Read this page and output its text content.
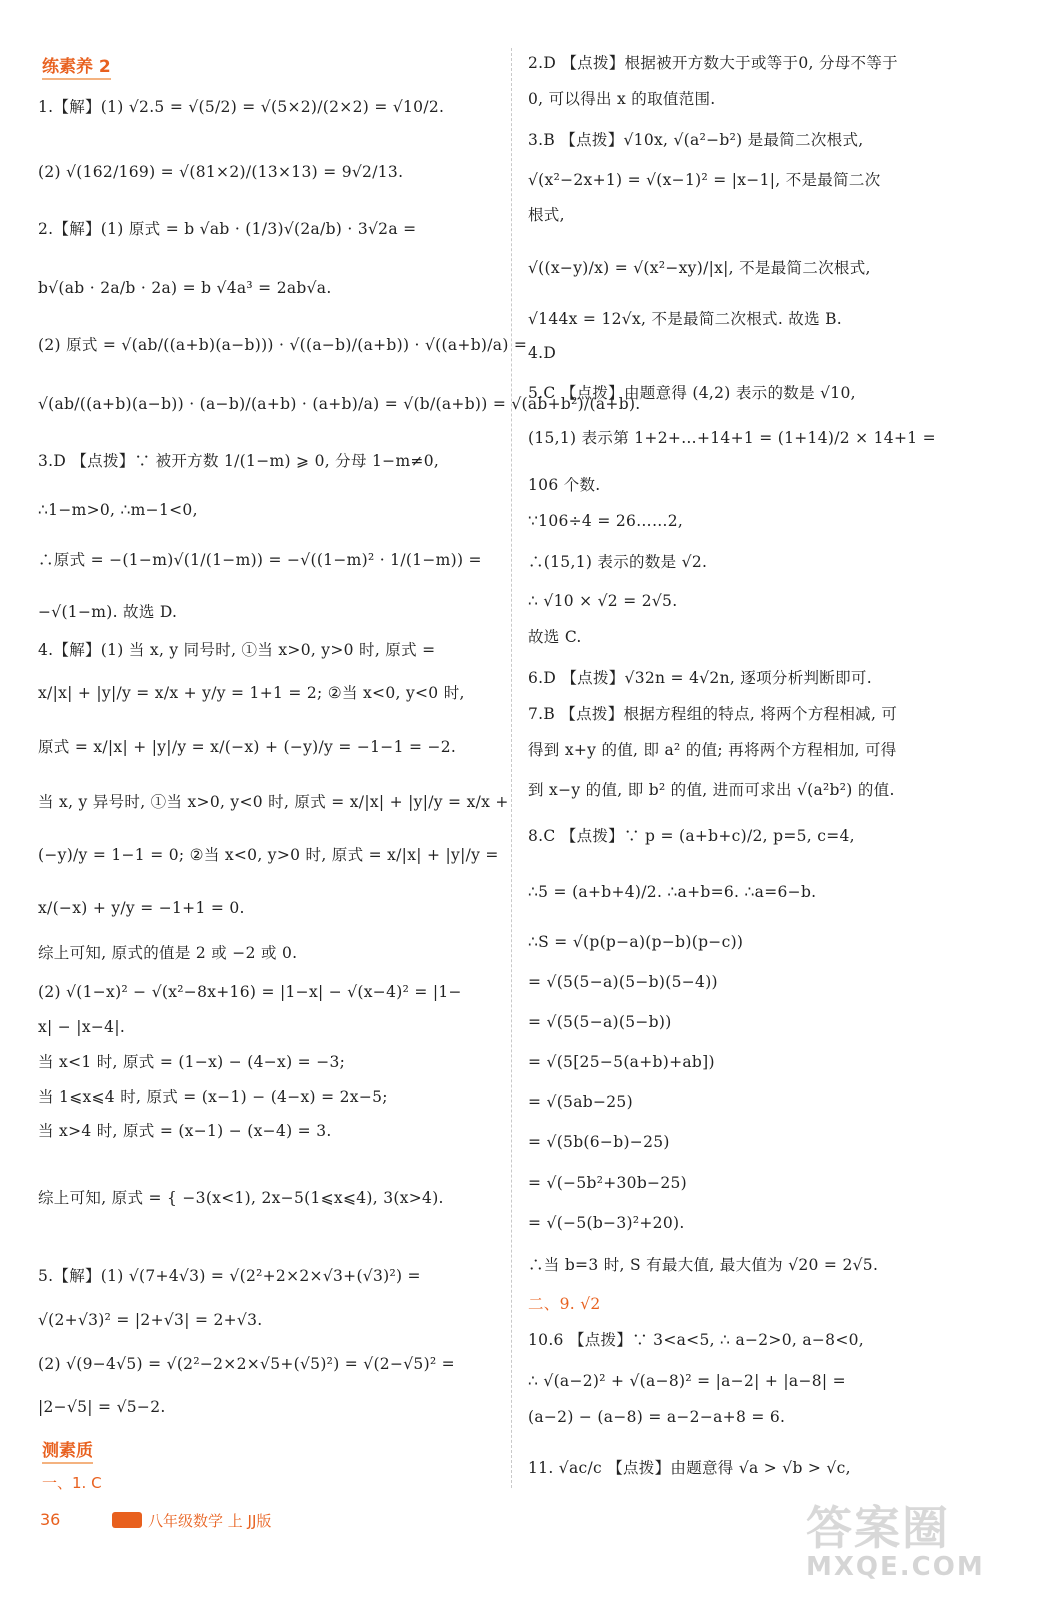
练素养 2
1.【解】(1) √2.5 = √(5/2) = √(5×2)/(2×2) = √10/2.
(2) √(162/169) = √(81×2)/(13×13) = 9√2/13.
2.【解】(1) 原式 = b √ab · (1/3)√(2a/b) · 3√2a =
b√(ab · 2a/b · 2a) = b √4a³ = 2ab√a.
(2) 原式 = √(ab/((a+b)(a−b))) · √((a−b)/(a+b)) · √((a+b)/a) =
√(ab/((a+b)(a−b)) · (a−b)/(a+b) · (a+b)/a) = √(b/(a+b)) = √(ab+b²)/(a+b).
3.D 【点拨】∵ 被开方数 1/(1−m) ⩾ 0, 分母 1−m≠0,
∴1−m>0, ∴m−1<0,
∴原式 = −(1−m)√(1/(1−m)) = −√((1−m)² · 1/(1−m)) =
−√(1−m). 故选 D.
4.【解】(1) 当 x, y 同号时, ①当 x>0, y>0 时, 原式 =
x/|x| + |y|/y = x/x + y/y = 1+1 = 2; ②当 x<0, y<0 时,
原式 = x/|x| + |y|/y = x/(−x) + (−y)/y = −1−1 = −2.
当 x, y 异号时, ①当 x>0, y<0 时, 原式 = x/|x| + |y|/y = x/x +
(−y)/y = 1−1 = 0; ②当 x<0, y>0 时, 原式 = x/|x| + |y|/y =
x/(−x) + y/y = −1+1 = 0.
综上可知, 原式的值是 2 或 −2 或 0.
(2) √(1−x)² − √(x²−8x+16) = |1−x| − √(x−4)² = |1−
x| − |x−4|.
当 x<1 时, 原式 = (1−x) − (4−x) = −3;
当 1⩽x⩽4 时, 原式 = (x−1) − (4−x) = 2x−5;
当 x>4 时, 原式 = (x−1) − (x−4) = 3.
综上可知, 原式 = { −3(x<1), 2x−5(1⩽x⩽4), 3(x>4).
5.【解】(1) √(7+4√3) = √(2²+2×2×√3+(√3)²) =
√(2+√3)² = |2+√3| = 2+√3.
(2) √(9−4√5) = √(2²−2×2×√5+(√5)²) = √(2−√5)² =
|2−√5| = √5−2.
测素质
一、1. C
2.D 【点拨】根据被开方数大于或等于0, 分母不等于
0, 可以得出 x 的取值范围.
3.B 【点拨】√10x, √(a²−b²) 是最简二次根式,
√(x²−2x+1) = √(x−1)² = |x−1|, 不是最简二次
根式,
√((x−y)/x) = √(x²−xy)/|x|, 不是最简二次根式,
√144x = 12√x, 不是最简二次根式. 故选 B.
4.D
5.C 【点拨】由题意得 (4,2) 表示的数是 √10,
(15,1) 表示第 1+2+…+14+1 = (1+14)/2 × 14+1 =
106 个数.
∵106÷4 = 26……2,
∴(15,1) 表示的数是 √2.
∴ √10 × √2 = 2√5.
故选 C.
6.D 【点拨】√32n = 4√2n, 逐项分析判断即可.
7.B 【点拨】根据方程组的特点, 将两个方程相减, 可
得到 x+y 的值, 即 a² 的值; 再将两个方程相加, 可得
到 x−y 的值, 即 b² 的值, 进而可求出 √(a²b²) 的值.
8.C 【点拨】∵ p = (a+b+c)/2, p=5, c=4,
∴5 = (a+b+4)/2. ∴a+b=6. ∴a=6−b.
∴S = √(p(p−a)(p−b)(p−c))
= √(5(5−a)(5−b)(5−4))
= √(5(5−a)(5−b))
= √(5[25−5(a+b)+ab])
= √(5ab−25)
= √(5b(6−b)−25)
= √(−5b²+30b−25)
= √(−5(b−3)²+20).
∴当 b=3 时, S 有最大值, 最大值为 √20 = 2√5.
二、9. √2
10.6 【点拨】∵ 3<a<5, ∴ a−2>0, a−8<0,
∴ √(a−2)² + √(a−8)² = |a−2| + |a−8| =
(a−2) − (a−8) = a−2−a+8 = 6.
11. √ac/c 【点拨】由题意得 √a > √b > √c,
36	八年级数学 上 JJ版	答案圈
MXQE.COM
